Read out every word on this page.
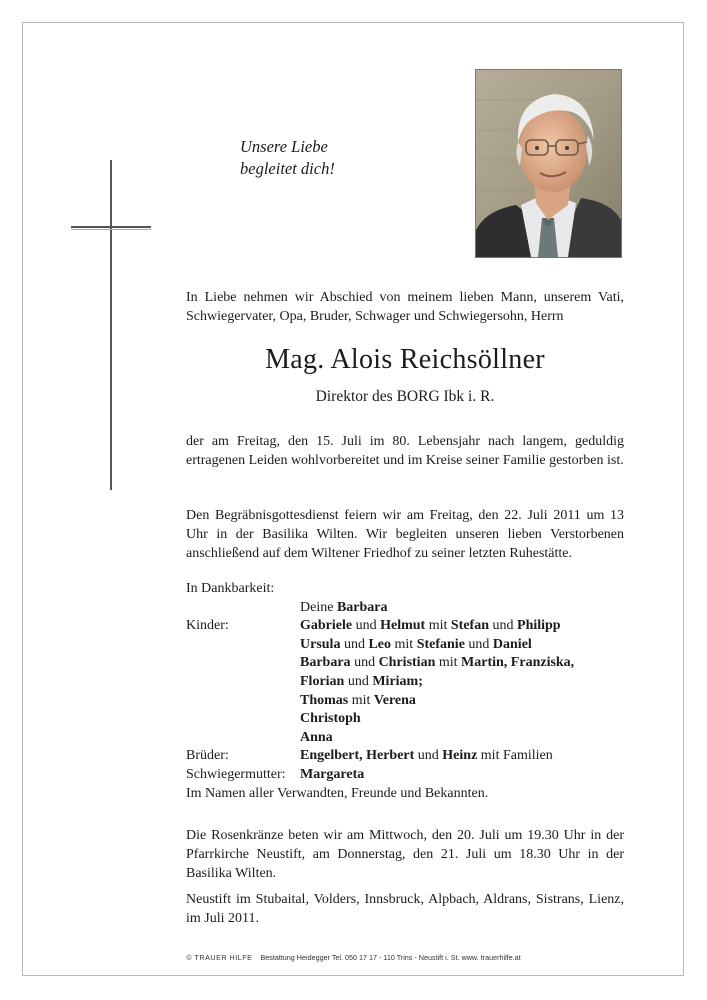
Unsere Liebe
begleitet dich!
In Liebe nehmen wir Abschied von meinem lieben Mann, unserem Vati, Schwiegervater, Opa, Bruder, Schwager und Schwiegersohn, Herrn
Mag. Alois Reichsöllner
Direktor des BORG Ibk i. R.
der am Freitag, den 15. Juli im 80. Lebensjahr nach langem, geduldig ertragenen Leiden wohlvorbereitet und im Kreise seiner Familie gestorben ist.
Den Begräbnisgottesdienst feiern wir am Freitag, den 22. Juli 2011 um 13 Uhr in der Basilika Wilten. Wir begleiten unseren lieben Verstorbenen anschließend auf dem Wiltener Friedhof zu seiner letzten Ruhestätte.
In Dankbarkeit:
Deine Barbara
Kinder:	Gabriele und Helmut mit Stefan und Philipp
Ursula und Leo mit Stefanie und Daniel
Barbara und Christian mit Martin, Franziska,
Florian und Miriam;
Thomas mit Verena
Christoph
Anna
Brüder:	Engelbert, Herbert und Heinz mit Familien
Schwiegermutter:	Margareta
Im Namen aller Verwandten, Freunde und Bekannten.
Die Rosenkränze beten wir am Mittwoch, den 20. Juli um 19.30 Uhr in der Pfarrkirche Neustift, am Donnerstag, den 21. Juli um 18.30 Uhr in der Basilika Wilten.
Neustift im Stubaital, Volders, Innsbruck, Alpbach, Aldrans, Sistrans, Lienz, im Juli 2011.
© TRAUER HILFE Bestattung Heidegger Tel. 050 17 17 - 110 Trins - Neustift i. St. www. trauerhilfe.at
